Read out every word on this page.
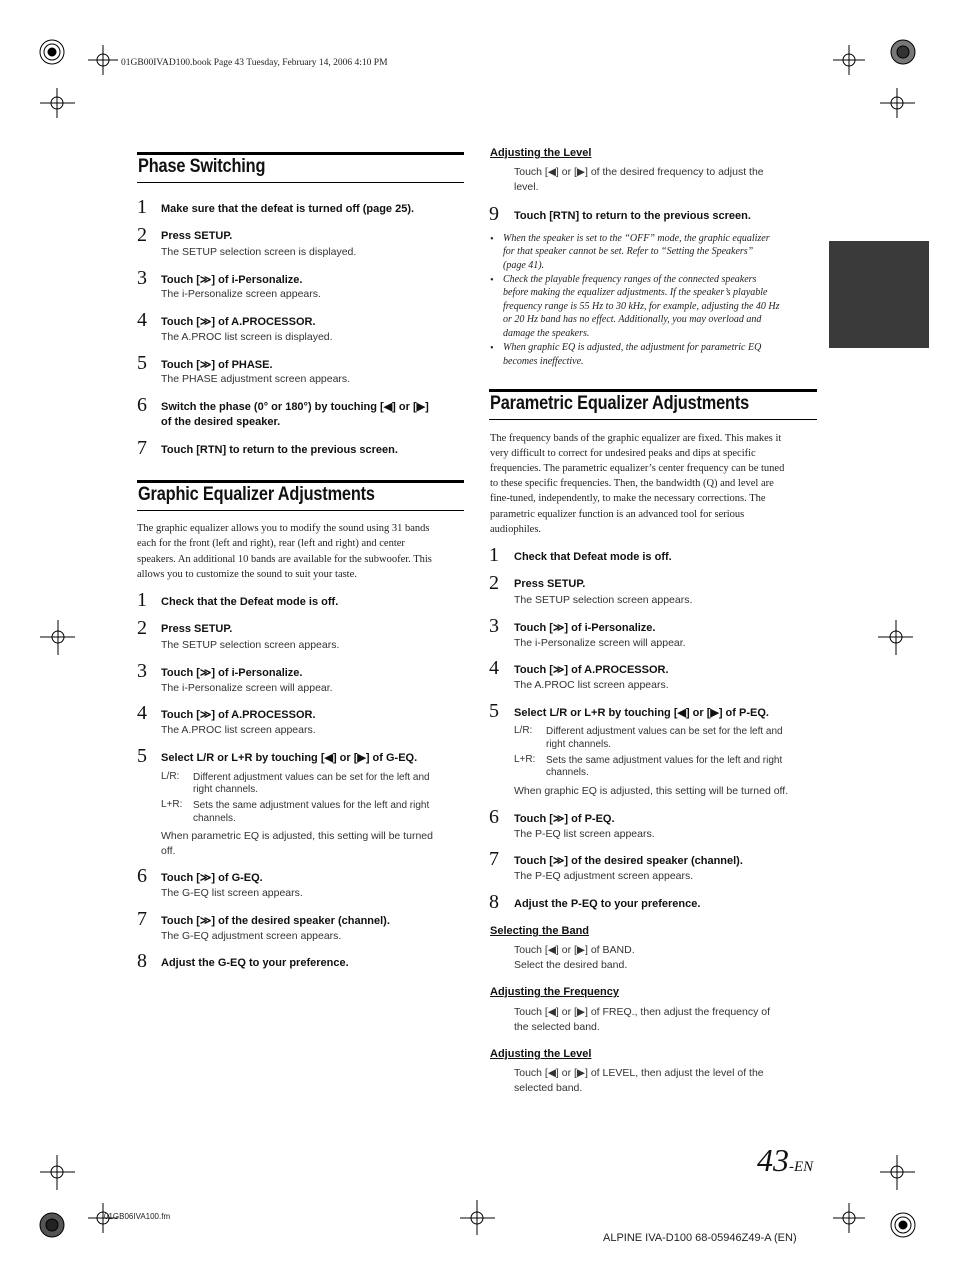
01GB00IVAD100.book Page 43 Tuesday, February 14, 2006 4:10 PM
Phase Switching
1 Make sure that the defeat is turned off (page 25).
2 Press SETUP.
The SETUP selection screen is displayed.
3 Touch [≫] of i-Personalize.
The i-Personalize screen appears.
4 Touch [≫] of A.PROCESSOR.
The A.PROC list screen is displayed.
5 Touch [≫] of PHASE.
The PHASE adjustment screen appears.
6 Switch the phase (0° or 180°) by touching [◀] or [▶]
of the desired speaker.
7 Touch [RTN] to return to the previous screen.
Graphic Equalizer Adjustments
The graphic equalizer allows you to modify the sound using 31 bands
each for the front (left and right), rear (left and right) and center
speakers. An additional 10 bands are available for the subwoofer. This
allows you to customize the sound to suit your taste.
1 Check that the Defeat mode is off.
2 Press SETUP.
The SETUP selection screen appears.
3 Touch [≫] of i-Personalize.
The i-Personalize screen will appear.
4 Touch [≫] of A.PROCESSOR.
The A.PROC list screen appears.
5 Select L/R or L+R by touching [◀] or [▶] of G-EQ.
L/R: Different adjustment values can be set for the left and
right channels.
L+R: Sets the same adjustment values for the left and right
channels.
When parametric EQ is adjusted, this setting will be turned
off.
6 Touch [≫] of G-EQ.
The G-EQ list screen appears.
7 Touch [≫] of the desired speaker (channel).
The G-EQ adjustment screen appears.
8 Adjust the G-EQ to your preference.
Adjusting the Level
Touch [◀] or [▶] of the desired frequency to adjust the
level.
9 Touch [RTN] to return to the previous screen.
• When the speaker is set to the “OFF” mode, the graphic equalizer
for that speaker cannot be set. Refer to “Setting the Speakers”
(page 41).
• Check the playable frequency ranges of the connected speakers
before making the equalizer adjustments. If the speaker’s playable
frequency range is 55 Hz to 30 kHz, for example, adjusting the 40 Hz
or 20 Hz band has no effect. Additionally, you may overload and
damage the speakers.
• When graphic EQ is adjusted, the adjustment for parametric EQ
becomes ineffective.
Parametric Equalizer Adjustments
The frequency bands of the graphic equalizer are fixed. This makes it
very difficult to correct for undesired peaks and dips at specific
frequencies. The parametric equalizer’s center frequency can be tuned
to these specific frequencies. Then, the bandwidth (Q) and level are
fine-tuned, independently, to make the necessary corrections. The
parametric equalizer function is an advanced tool for serious
audiophiles.
1 Check that Defeat mode is off.
2 Press SETUP.
The SETUP selection screen appears.
3 Touch [≫] of i-Personalize.
The i-Personalize screen will appear.
4 Touch [≫] of A.PROCESSOR.
The A.PROC list screen appears.
5 Select L/R or L+R by touching [◀] or [▶] of P-EQ.
L/R: Different adjustment values can be set for the left and
right channels.
L+R: Sets the same adjustment values for the left and right
channels.
When graphic EQ is adjusted, this setting will be turned off.
6 Touch [≫] of P-EQ.
The P-EQ list screen appears.
7 Touch [≫] of the desired speaker (channel).
The P-EQ adjustment screen appears.
8 Adjust the P-EQ to your preference.
Selecting the Band
Touch [◀] or [▶] of BAND.
Select the desired band.
Adjusting the Frequency
Touch [◀] or [▶] of FREQ., then adjust the frequency of
the selected band.
Adjusting the Level
Touch [◀] or [▶] of LEVEL, then adjust the level of the
selected band.
43-EN
01GB06IVA100.fm
ALPINE IVA-D100 68-05946Z49-A (EN)
